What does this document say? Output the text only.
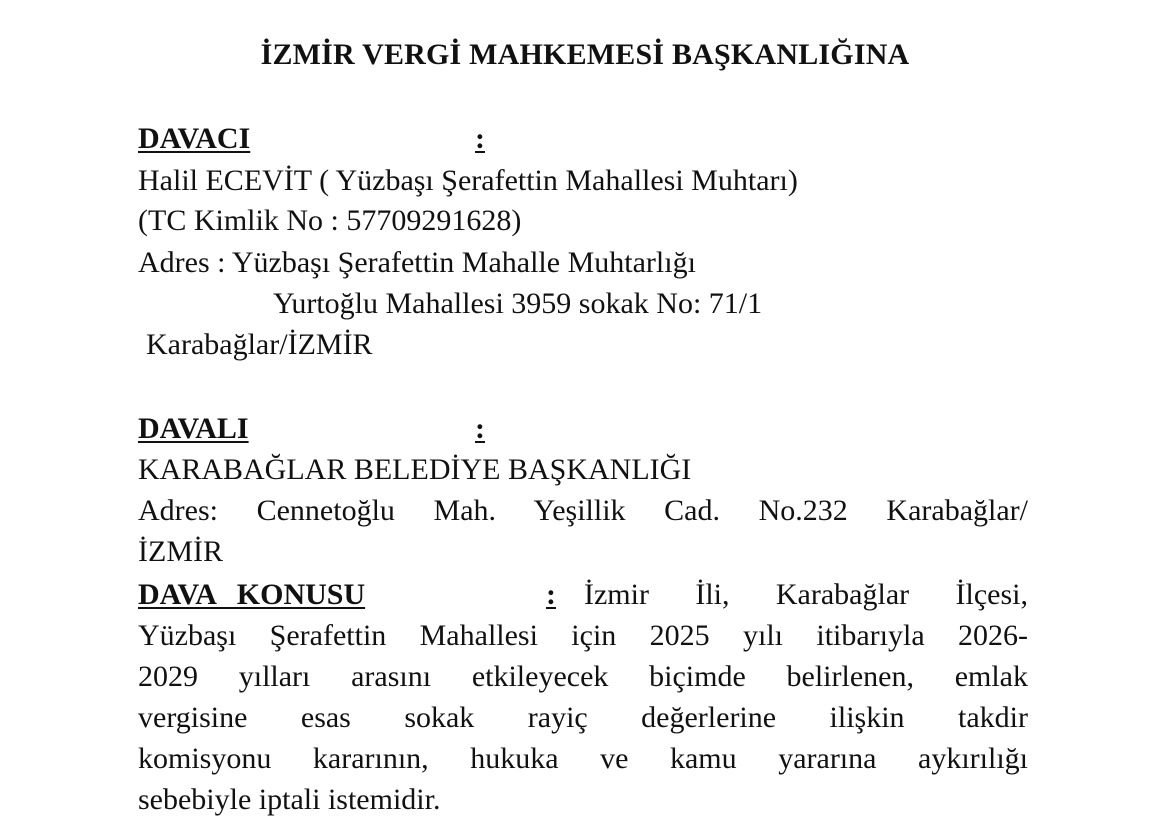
İZMİR VERGİ MAHKEMESİ BAŞKANLIĞINA
DAVACI	:
Halil ECEVİT ( Yüzbaşı Şerafettin Mahallesi Muhtarı)
(TC Kimlik No : 57709291628)
Adres : Yüzbaşı Şerafettin Mahalle Muhtarlığı
Yurtoğlu Mahallesi 3959 sokak No: 71/1
Karabağlar/İZMİR
DAVALI	:
KARABAĞLAR BELEDİYE BAŞKANLIĞI
Adres: Cennetoğlu Mah. Yeşillik Cad. No.232 Karabağlar/
İZMİR
DAVA KONUSU	: İzmir İli, Karabağlar İlçesi,
Yüzbaşı Şerafettin Mahallesi için 2025 yılı itibarıyla 2026-
2029 yılları arasını etkileyecek biçimde belirlenen, emlak
vergisine esas sokak rayiç değerlerine ilişkin takdir
komisyonu kararının, hukuka ve kamu yararına aykırılığı
sebebiyle iptali istemidir.
